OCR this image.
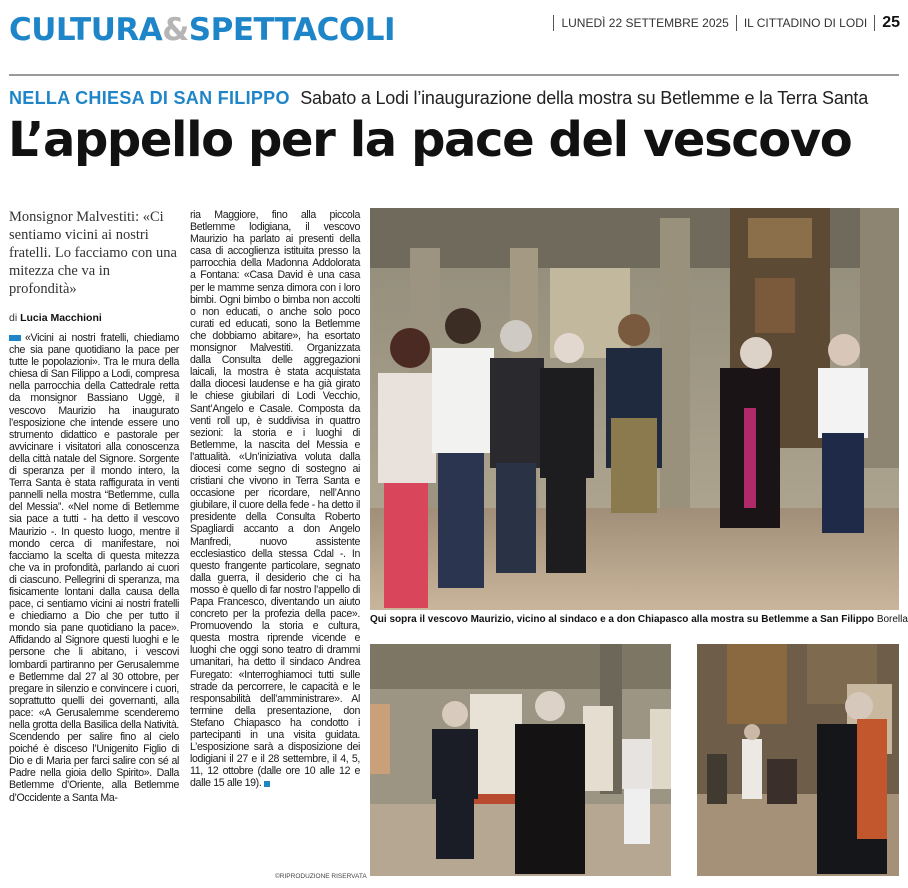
CULTURA&SPETTACOLI	LUNEDÌ 22 SETTEMBRE 2025 IL CITTADINO DI LODI 25
NELLA CHIESA DI SAN FILIPPO Sabato a Lodi l’inaugurazione della mostra su Betlemme e la Terra Santa
L’appello per la pace del vescovo
Monsignor Malvestiti: «Ci sentiamo vicini ai nostri fratelli. Lo facciamo con una mitezza che va in profondità»
di Lucia Macchioni
«Vicini ai nostri fratelli, chiediamo che sia pane quotidiano la pace per tutte le popolazioni». Tra le mura della chiesa di San Filippo a Lodi, compresa nella parrocchia della Cattedrale retta da monsignor Bassiano Uggè, il vescovo Maurizio ha inaugurato l’esposizione che intende essere uno strumento didattico e pastorale per avvicinare i visitatori alla conoscenza della città natale del Signore. Sorgente di speranza per il mondo intero, la Terra Santa è stata raffigurata in venti pannelli nella mostra “Betlemme, culla del Messia”. «Nel nome di Betlemme sia pace a tutti - ha detto il vescovo Maurizio -. In questo luogo, mentre il mondo cerca di manifestare, noi facciamo la scelta di questa mitezza che va in profondità, parlando ai cuori di ciascuno. Pellegrini di speranza, ma fisicamente lontani dalla causa della pace, ci sentiamo vicini ai nostri fratelli e chiediamo a Dio che per tutto il mondo sia pane quotidiano la pace». Affidando al Signore questi luoghi e le persone che li abitano, i vescovi lombardi partiranno per Gerusalemme e Betlemme dal 27 al 30 ottobre, per pregare in silenzio e convincere i cuori, soprattutto quelli dei governanti, alla pace: «A Gerusalemme scenderemo nella grotta della Basilica della Natività. Scendendo per salire fino al cielo poiché è disceso l’Unigenito Figlio di Dio e di Maria per farci salire con sé al Padre nella gioia dello Spirito». Dalla Betlemme d’Oriente, alla Betlemme d’Occidente a Santa Ma-
ria Maggiore, fino alla piccola Betlemme lodigiana, il vescovo Maurizio ha parlato ai presenti della casa di accoglienza istituita presso la parrocchia della Madonna Addolorata a Fontana: «Casa David è una casa per le mamme senza dimora con i loro bimbi. Ogni bimbo o bimba non accolti o non educati, o anche solo poco curati ed educati, sono la Betlemme che dobbiamo abitare», ha esortato monsignor Malvestiti. Organizzata dalla Consulta delle aggregazioni laicali, la mostra è stata acquistata dalla diocesi laudense e ha già girato le chiese giubilari di Lodi Vecchio, Sant’Angelo e Casale. Composta da venti roll up, è suddivisa in quattro sezioni: la storia e i luoghi di Betlemme, la nascita del Messia e l’attualità. «Un’iniziativa voluta dalla diocesi come segno di sostegno ai cristiani che vivono in Terra Santa e occasione per ricordare, nell’Anno giubilare, il cuore della fede - ha detto il presidente della Consulta Roberto Spagliardi accanto a don Angelo Manfredi, nuovo assistente ecclesiastico della stessa Cdal -. In questo frangente particolare, segnato dalla guerra, il desiderio che ci ha mosso è quello di far nostro l’appello di Papa Francesco, diventando un aiuto concreto per la profezia della pace». Promuovendo la storia e cultura, questa mostra riprende vicende e luoghi che oggi sono teatro di drammi umanitari, ha detto il sindaco Andrea Furegato: «Interroghiamoci tutti sulle strade da percorrere, le capacità e le responsabilità dell’amministrare». Al termine della presentazione, don Stefano Chiapasco ha condotto i partecipanti in una visita guidata. L’esposizione sarà a disposizione dei lodigiani il 27 e il 28 settembre, il 4, 5, 11, 12 ottobre (dalle ore 10 alle 12 e dalle 15 alle 19).
©RIPRODUZIONE RISERVATA
Qui sopra il vescovo Maurizio, vicino al sindaco e a don Chiapasco alla mostra su Betlemme a San Filippo Borella
